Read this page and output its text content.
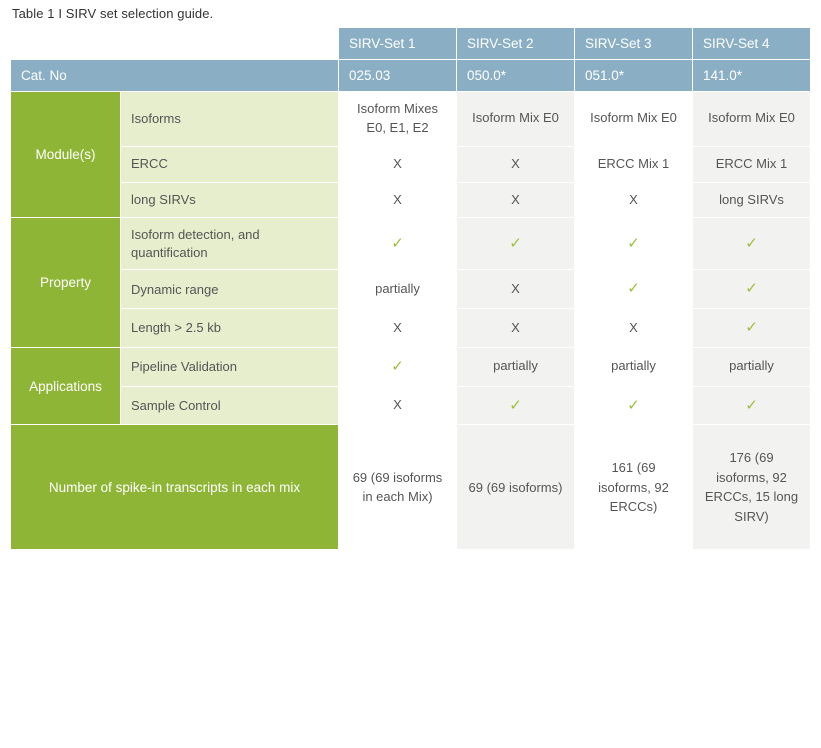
Table 1 I SIRV set selection guide.
		SIRV-Set 1	SIRV-Set 2	SIRV-Set 3	SIRV-Set 4
Cat. No		025.03	050.0*	051.0*	141.0*
Module(s)	Isoforms	Isoform Mixes E0, E1, E2	Isoform Mix E0	Isoform Mix E0	Isoform Mix E0
	ERCC	X	X	ERCC Mix 1	ERCC Mix 1
	long SIRVs	X	X	X	long SIRVs
Property	Isoform detection, and quantification	✓	✓	✓	✓
	Dynamic range	partially	X	✓	✓
	Length > 2.5 kb	X	X	X	✓
Applications	Pipeline Validation	✓	partially	partially	partially
	Sample Control	X	✓	✓	✓
Number of spike-in transcripts in each mix		69 (69 isoforms in each Mix)	69 (69 isoforms)	161 (69 isoforms, 92 ERCCs)	176 (69 isoforms, 92 ERCCs, 15 long SIRV)
